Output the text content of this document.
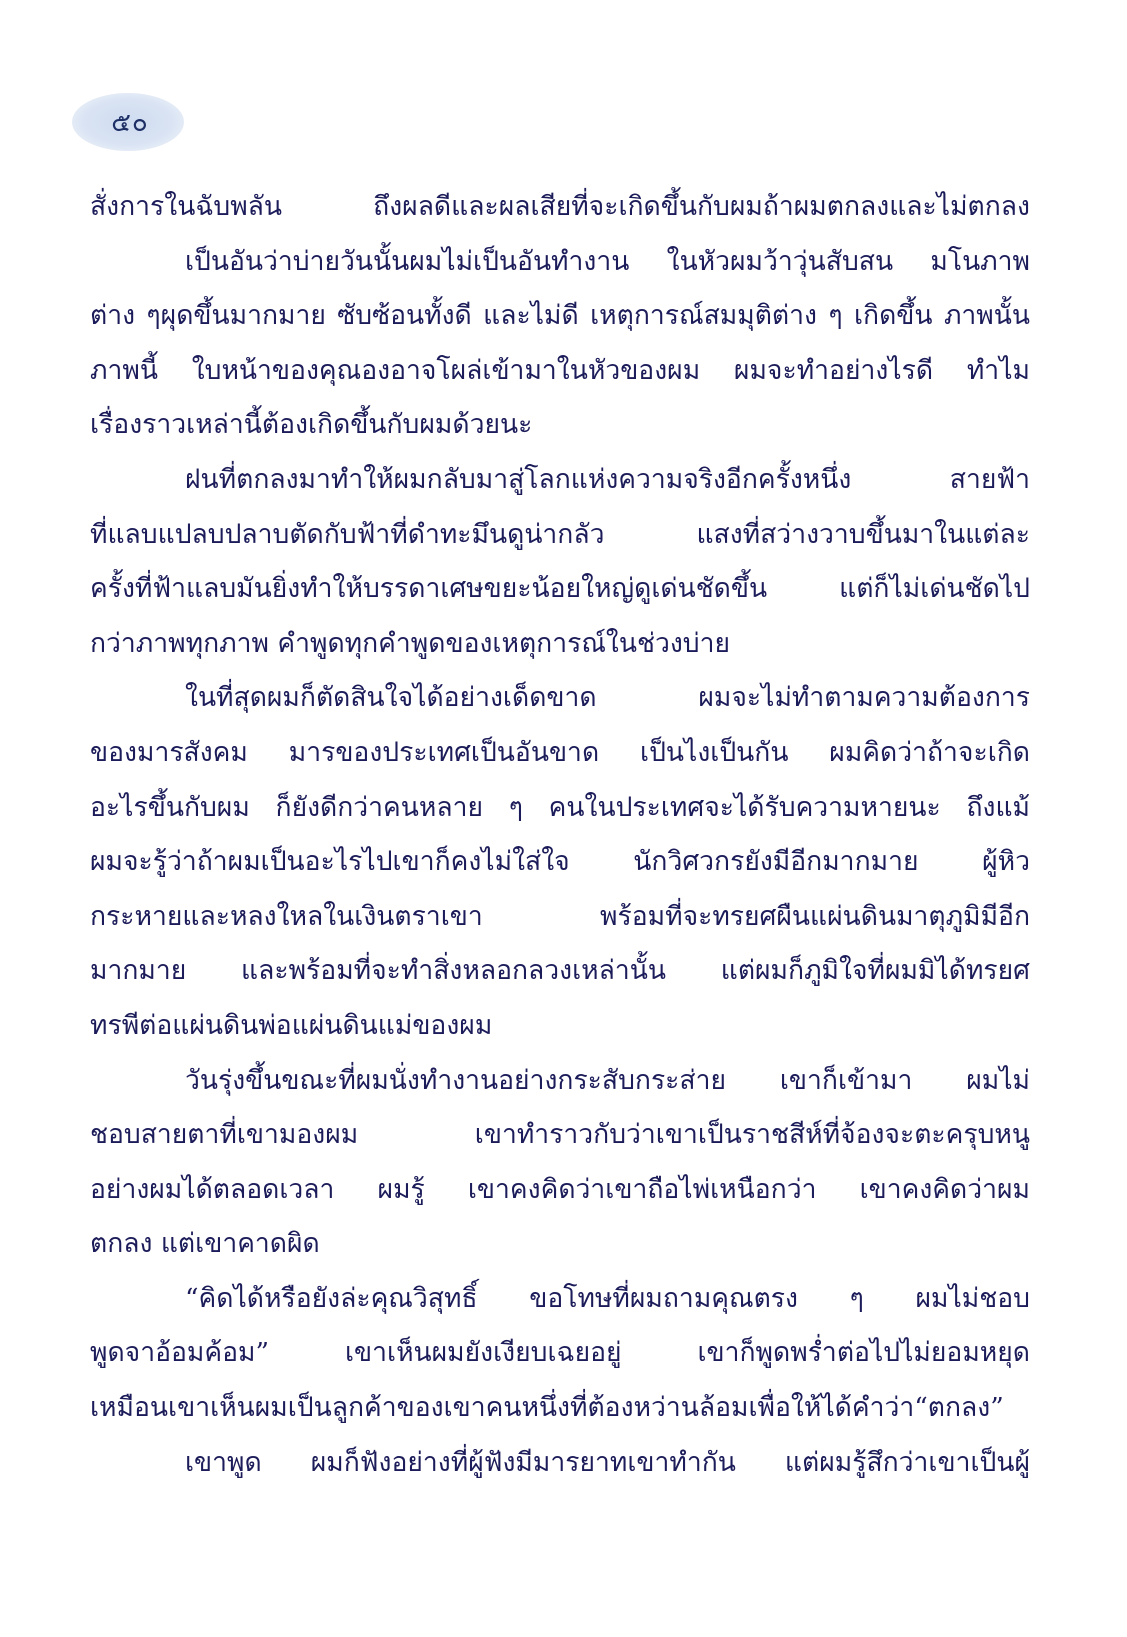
๕๐
สั่งการในฉับพลัน ถึงผลดีและผลเสียที่จะเกิดขึ้นกับผมถ้าผมตกลงและไม่ตกลง
เป็นอันว่าบ่ายวันนั้นผมไม่เป็นอันทำงาน ในหัวผมว้าวุ่นสับสน มโนภาพ
ต่าง ๆผุดขึ้นมากมาย ซับซ้อนทั้งดี และไม่ดี เหตุการณ์สมมุติต่าง ๆ เกิดขึ้น ภาพนั้น
ภาพนี้ ใบหน้าของคุณองอาจโผล่เข้ามาในหัวของผม ผมจะทำอย่างไรดี ทำไม
เรื่องราวเหล่านี้ต้องเกิดขึ้นกับผมด้วยนะ
ฝนที่ตกลงมาทำให้ผมกลับมาสู่โลกแห่งความจริงอีกครั้งหนึ่ง สายฟ้า
ที่แลบแปลบปลาบตัดกับฟ้าที่ดำทะมึนดูน่ากลัว แสงที่สว่างวาบขึ้นมาในแต่ละ
ครั้งที่ฟ้าแลบมันยิ่งทำให้บรรดาเศษขยะน้อยใหญ่ดูเด่นชัดขึ้น แต่ก็ไม่เด่นชัดไป
กว่าภาพทุกภาพ คำพูดทุกคำพูดของเหตุการณ์ในช่วงบ่าย
ในที่สุดผมก็ตัดสินใจได้อย่างเด็ดขาด ผมจะไม่ทำตามความต้องการ
ของมารสังคม มารของประเทศเป็นอันขาด เป็นไงเป็นกัน ผมคิดว่าถ้าจะเกิด
อะไรขึ้นกับผม ก็ยังดีกว่าคนหลาย ๆ คนในประเทศจะได้รับความหายนะ ถึงแม้
ผมจะรู้ว่าถ้าผมเป็นอะไรไปเขาก็คงไม่ใส่ใจ นักวิศวกรยังมีอีกมากมาย ผู้หิว
กระหายและหลงใหลในเงินตราเขา พร้อมที่จะทรยศผืนแผ่นดินมาตุภูมิมีอีก
มากมาย และพร้อมที่จะทำสิ่งหลอกลวงเหล่านั้น แต่ผมก็ภูมิใจที่ผมมิได้ทรยศ
ทรพีต่อแผ่นดินพ่อแผ่นดินแม่ของผม
วันรุ่งขึ้นขณะที่ผมนั่งทำงานอย่างกระสับกระส่าย เขาก็เข้ามา ผมไม่
ชอบสายตาที่เขามองผม เขาทำราวกับว่าเขาเป็นราชสีห์ที่จ้องจะตะครุบหนู
อย่างผมได้ตลอดเวลา ผมรู้ เขาคงคิดว่าเขาถือไพ่เหนือกว่า เขาคงคิดว่าผม
ตกลง แต่เขาคาดผิด
“คิดได้หรือยังล่ะคุณวิสุทธิ์ ขอโทษที่ผมถามคุณตรง ๆ ผมไม่ชอบ
พูดจาอ้อมค้อม” เขาเห็นผมยังเงียบเฉยอยู่ เขาก็พูดพร่ำต่อไปไม่ยอมหยุด
เหมือนเขาเห็นผมเป็นลูกค้าของเขาคนหนึ่งที่ต้องหว่านล้อมเพื่อให้ได้คำว่า“ตกลง”
เขาพูด ผมก็ฟังอย่างที่ผู้ฟังมีมารยาทเขาทำกัน แต่ผมรู้สึกว่าเขาเป็นผู้
